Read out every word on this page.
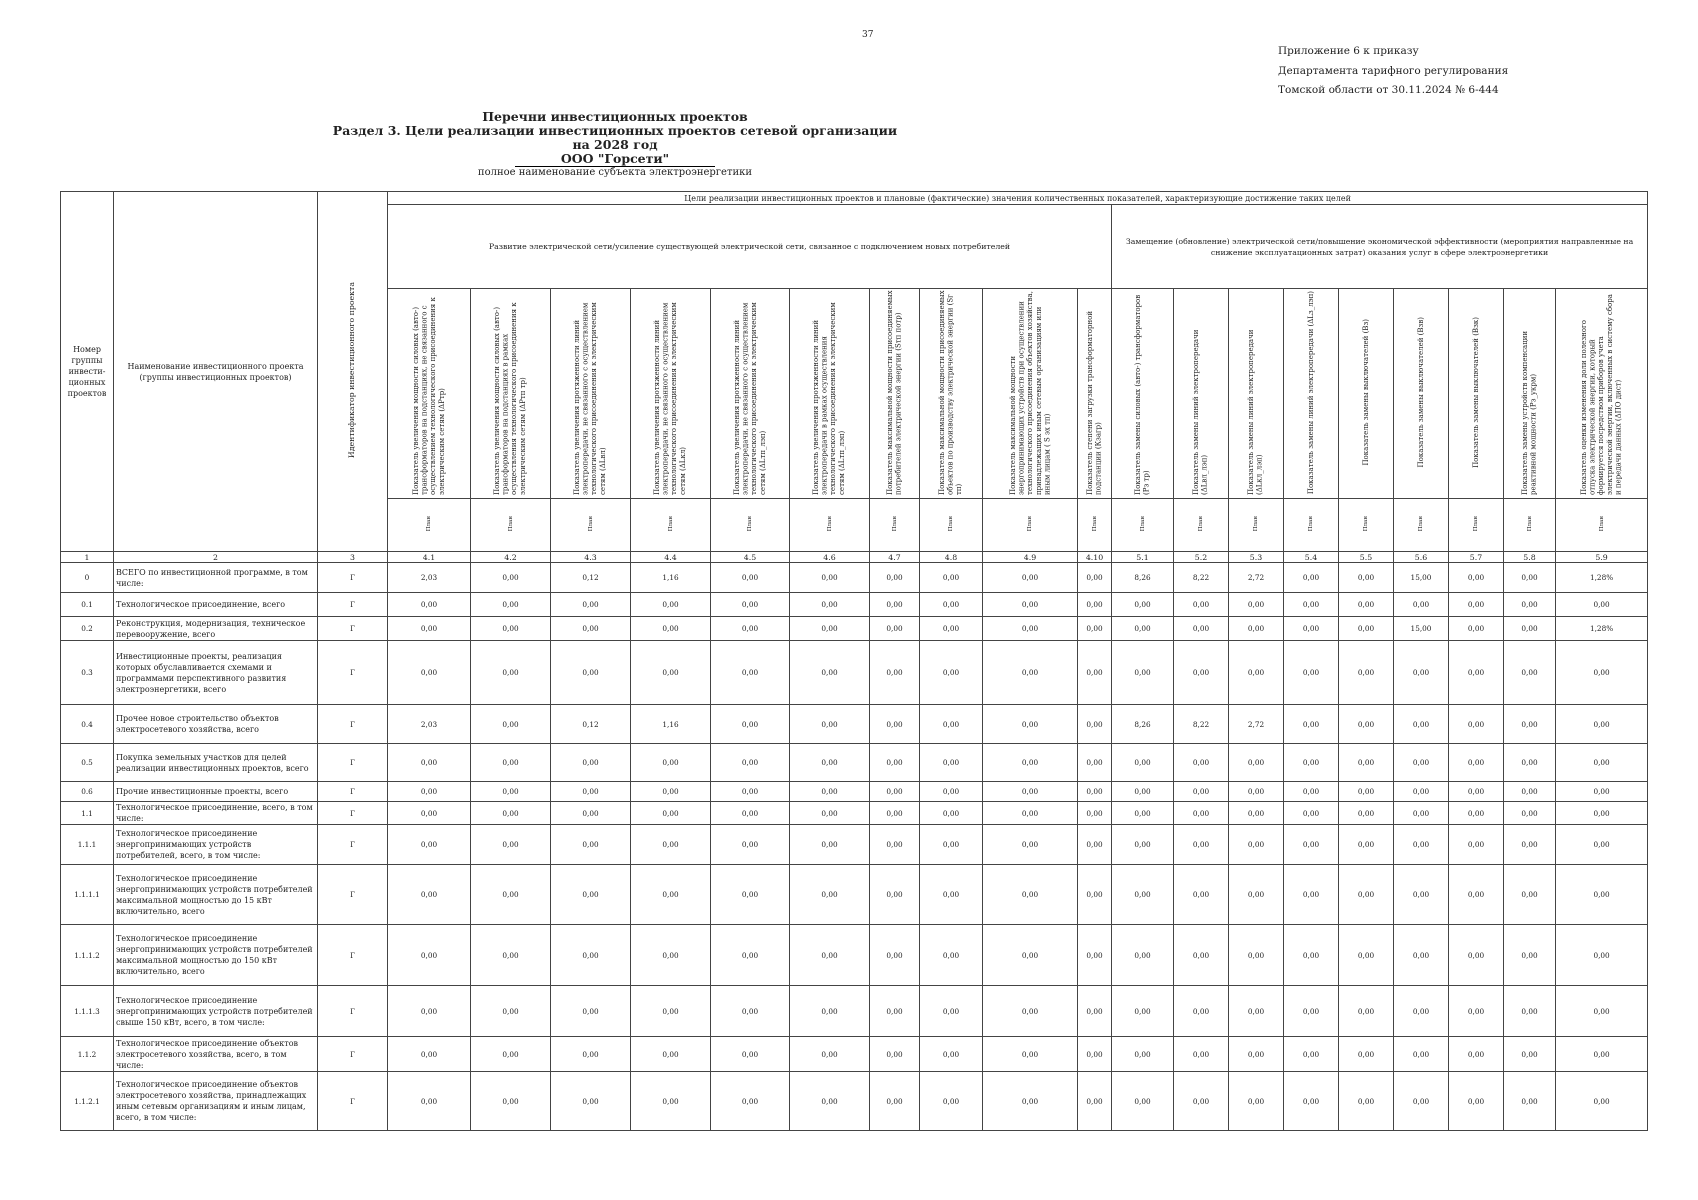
37
Приложение 6 к приказу
Департамента тарифного регулирования
Томской области от 30.11.2024 № 6-444
Перечни инвестиционных проектов
Раздел 3. Цели реализации инвестиционных проектов сетевой организации
на 2028 год
ООО "Горсети"
полное наименование субъекта электроэнергетики
Номер группы инвести-ционных проектов	Наименование инвестиционного проекта (группы инвестиционных проектов)	Идентификатор инвестиционного проекта	Цели реализации инвестиционных проектов и плановые (фактические) значения количественных показателей, характеризующие достижение таких целей																		
			Развитие электрической сети/усиление существующей электрической сети, связанное с подключением новых потребителей										Замещение (обновление) электрической сети/повышение экономической эффективности (мероприятия направленные на снижение эксплуатационных затрат) оказания услуг в сфере электроэнергетики								
			Показатель увеличения мощности силовых (авто-) трансформаторов на подстанциях, не связанного с осуществлением технологического присоединения к электрическим сетям (ΔPтр)	Показатель увеличения мощности силовых (авто-) трансформаторов на подстанциях в рамках осуществления технологического присоединения к электрическим сетям (ΔPтп тр)	Показатель увеличения протяженности линий электропередачи, не связанного с осуществлением технологического присоединения к электрическим сетям (ΔLвл)	Показатель увеличения протяженности линий электропередачи, не связанного с осуществлением технологического присоединения к электрическим сетям (ΔLкл)	Показатель увеличения протяженности линий электропередачи, не связанного с осуществлением технологического присоединения к электрическим сетям (ΔLтп_лэп)	Показатель увеличения протяженности линий электропередачи в рамках осуществления технологического присоединения к электрическим сетям (ΔLтп_лэп)	Показатель максимальной мощности присоединяемых потребителей электрической энергии (Sтп потр)	Показатель максимальной мощности присоединяемых объектов по производству электрической энергии (Sг тп)	Показатель максимальной мощности энергопринимающих устройств при осуществлении технологического присоединения объектов хозяйства, принадлежащих иным сетевым организациям или иным лицам ( S эх тп)	Показатель степени загрузки трансформаторной подстанции (Кзагр)	Показатель замены силовых (авто-) трансформаторов (Рз тр)	Показатель замены линий электропередачи (ΔLвл_лэп)	Показатель замены линий электропередачи (ΔLкл_лэп)	Показатель замены линий электропередачи (ΔLз_лэп)	Показатель замены выключателей (Вз)	Показатель замены выключателей (Взв)	Показатель замены выключателей (Взк)	Показатель замены устройств компенсации реактивной мощности (Рз_укрм)	Показатель оценки изменения доли полезного отпуска электрической энергии, который формируется посредством приборов учета электрической энергии, включенных в систему сбора и передачи данных (ΔПО дист)
			План	План	План	План	План	План	План	План	План	План	План	План	План	План	План	План	План	План	План
1	2	3	4.1	4.2	4.3	4.4	4.5	4.6	4.7	4.8	4.9	4.10	5.1	5.2	5.3	5.4	5.5	5.6	5.7	5.8	5.9
0	ВСЕГО по инвестиционной программе, в том числе:	Г	2,03	0,00	0,12	1,16	0,00	0,00	0,00	0,00	0,00	0,00	8,26	8,22	2,72	0,00	0,00	15,00	0,00	0,00	1,28%
0.1	Технологическое присоединение, всего	Г	0,00	0,00	0,00	0,00	0,00	0,00	0,00	0,00	0,00	0,00	0,00	0,00	0,00	0,00	0,00	0,00	0,00	0,00	0,00
0.2	Реконструкция, модернизация, техническое перевооружение, всего	Г	0,00	0,00	0,00	0,00	0,00	0,00	0,00	0,00	0,00	0,00	0,00	0,00	0,00	0,00	0,00	15,00	0,00	0,00	1,28%
0.3	Инвестиционные проекты, реализация которых обуславливается схемами и программами перспективного развития электроэнергетики, всего	Г	0,00	0,00	0,00	0,00	0,00	0,00	0,00	0,00	0,00	0,00	0,00	0,00	0,00	0,00	0,00	0,00	0,00	0,00	0,00
0.4	Прочее новое строительство объектов электросетевого хозяйства, всего	Г	2,03	0,00	0,12	1,16	0,00	0,00	0,00	0,00	0,00	0,00	8,26	8,22	2,72	0,00	0,00	0,00	0,00	0,00	0,00
0.5	Покупка земельных участков для целей реализации инвестиционных проектов, всего	Г	0,00	0,00	0,00	0,00	0,00	0,00	0,00	0,00	0,00	0,00	0,00	0,00	0,00	0,00	0,00	0,00	0,00	0,00	0,00
0.6	Прочие инвестиционные проекты, всего	Г	0,00	0,00	0,00	0,00	0,00	0,00	0,00	0,00	0,00	0,00	0,00	0,00	0,00	0,00	0,00	0,00	0,00	0,00	0,00
1.1	Технологическое присоединение, всего, в том числе:	Г	0,00	0,00	0,00	0,00	0,00	0,00	0,00	0,00	0,00	0,00	0,00	0,00	0,00	0,00	0,00	0,00	0,00	0,00	0,00
1.1.1	Технологическое присоединение энергопринимающих устройств потребителей, всего, в том числе:	Г	0,00	0,00	0,00	0,00	0,00	0,00	0,00	0,00	0,00	0,00	0,00	0,00	0,00	0,00	0,00	0,00	0,00	0,00	0,00
1.1.1.1	Технологическое присоединение энергопринимающих устройств потребителей максимальной мощностью до 15 кВт включительно, всего	Г	0,00	0,00	0,00	0,00	0,00	0,00	0,00	0,00	0,00	0,00	0,00	0,00	0,00	0,00	0,00	0,00	0,00	0,00	0,00
1.1.1.2	Технологическое присоединение энергопринимающих устройств потребителей максимальной мощностью до 150 кВт включительно, всего	Г	0,00	0,00	0,00	0,00	0,00	0,00	0,00	0,00	0,00	0,00	0,00	0,00	0,00	0,00	0,00	0,00	0,00	0,00	0,00
1.1.1.3	Технологическое присоединение энергопринимающих устройств потребителей свыше 150 кВт, всего, в том числе:	Г	0,00	0,00	0,00	0,00	0,00	0,00	0,00	0,00	0,00	0,00	0,00	0,00	0,00	0,00	0,00	0,00	0,00	0,00	0,00
1.1.2	Технологическое присоединение объектов электросетевого хозяйства, всего, в том числе:	Г	0,00	0,00	0,00	0,00	0,00	0,00	0,00	0,00	0,00	0,00	0,00	0,00	0,00	0,00	0,00	0,00	0,00	0,00	0,00
1.1.2.1	Технологическое присоединение объектов электросетевого хозяйства, принадлежащих иным сетевым организациям и иным лицам, всего, в том числе:	Г	0,00	0,00	0,00	0,00	0,00	0,00	0,00	0,00	0,00	0,00	0,00	0,00	0,00	0,00	0,00	0,00	0,00	0,00	0,00
